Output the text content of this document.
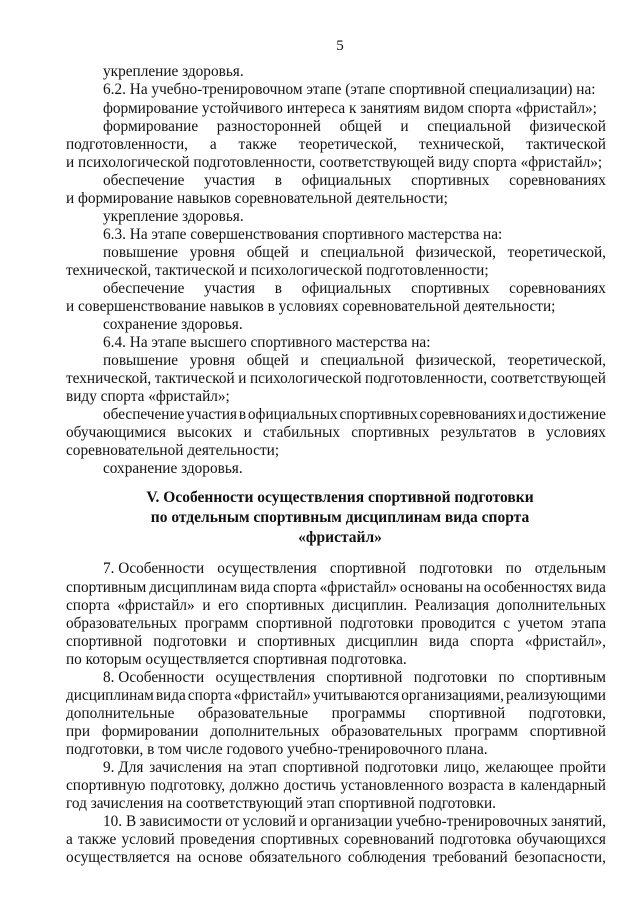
5
укрепление здоровья.
6.2. На учебно-тренировочном этапе (этапе спортивной специализации) на:
формирование устойчивого интереса к занятиям видом спорта «фристайл»;
формирование разносторонней общей и специальной физической
подготовленности, а также теоретической, технической, тактической
и психологической подготовленности, соответствующей виду спорта «фристайл»;
обеспечение участия в официальных спортивных соревнованиях
и формирование навыков соревновательной деятельности;
укрепление здоровья.
6.3. На этапе совершенствования спортивного мастерства на:
повышение уровня общей и специальной физической, теоретической,
технической, тактической и психологической подготовленности;
обеспечение участия в официальных спортивных соревнованиях
и совершенствование навыков в условиях соревновательной деятельности;
сохранение здоровья.
6.4. На этапе высшего спортивного мастерства на:
повышение уровня общей и специальной физической, теоретической,
технической, тактической и психологической подготовленности, соответствующей
виду спорта «фристайл»;
обеспечение участия в официальных спортивных соревнованиях и достижение
обучающимися высоких и стабильных спортивных результатов в условиях
соревновательной деятельности;
сохранение здоровья.
V. Особенности осуществления спортивной подготовки
по отдельным спортивным дисциплинам вида спорта
«фристайл»
7. Особенности осуществления спортивной подготовки по отдельным
спортивным дисциплинам вида спорта «фристайл» основаны на особенностях вида
спорта «фристайл» и его спортивных дисциплин. Реализация дополнительных
образовательных программ спортивной подготовки проводится с учетом этапа
спортивной подготовки и спортивных дисциплин вида спорта «фристайл»,
по которым осуществляется спортивная подготовка.
8. Особенности осуществления спортивной подготовки по спортивным
дисциплинам вида спорта «фристайл» учитываются организациями, реализующими
дополнительные образовательные программы спортивной подготовки,
при формировании дополнительных образовательных программ спортивной
подготовки, в том числе годового учебно-тренировочного плана.
9. Для зачисления на этап спортивной подготовки лицо, желающее пройти
спортивную подготовку, должно достичь установленного возраста в календарный
год зачисления на соответствующий этап спортивной подготовки.
10. В зависимости от условий и организации учебно-тренировочных занятий,
а также условий проведения спортивных соревнований подготовка обучающихся
осуществляется на основе обязательного соблюдения требований безопасности,
